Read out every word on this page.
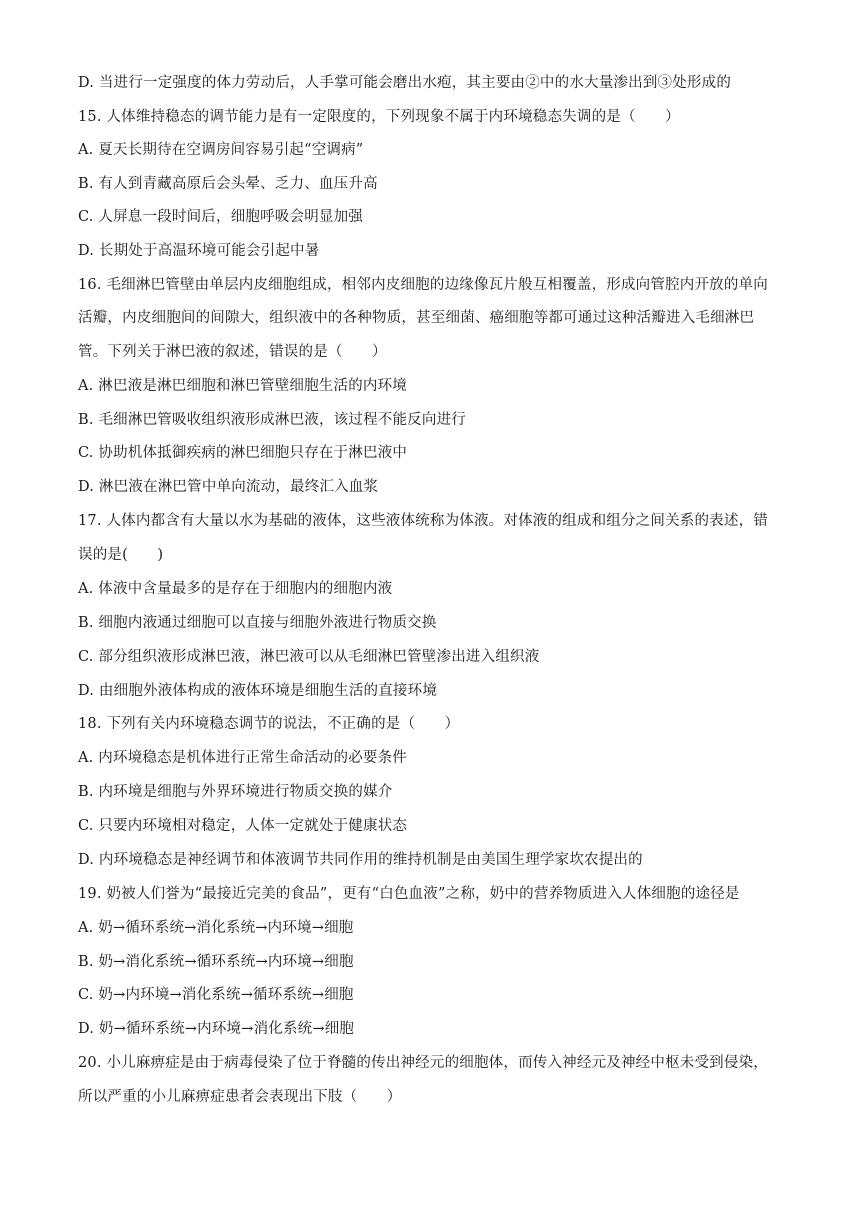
D. 当进行一定强度的体力劳动后，人手掌可能会磨出水疱，其主要由②中的水大量渗出到③处形成的
15. 人体维持稳态的调节能力是有一定限度的，下列现象不属于内环境稳态失调的是（　　）
A. 夏天长期待在空调房间容易引起“空调病”
B. 有人到青藏高原后会头晕、乏力、血压升高
C. 人屏息一段时间后，细胞呼吸会明显加强
D. 长期处于高温环境可能会引起中暑
16. 毛细淋巴管壁由单层内皮细胞组成，相邻内皮细胞的边缘像瓦片般互相覆盖，形成向管腔内开放的单向
活瓣，内皮细胞间的间隙大，组织液中的各种物质，甚至细菌、癌细胞等都可通过这种活瓣进入毛细淋巴
管。下列关于淋巴液的叙述，错误的是（　　）
A. 淋巴液是淋巴细胞和淋巴管壁细胞生活的内环境
B. 毛细淋巴管吸收组织液形成淋巴液，该过程不能反向进行
C. 协助机体抵御疾病的淋巴细胞只存在于淋巴液中
D. 淋巴液在淋巴管中单向流动，最终汇入血浆
17. 人体内都含有大量以水为基础的液体，这些液体统称为体液。对体液的组成和组分之间关系的表述，错
误的是(　　)
A. 体液中含量最多的是存在于细胞内的细胞内液
B. 细胞内液通过细胞可以直接与细胞外液进行物质交换
C. 部分组织液形成淋巴液，淋巴液可以从毛细淋巴管壁渗出进入组织液
D. 由细胞外液体构成的液体环境是细胞生活的直接环境
18. 下列有关内环境稳态调节的说法，不正确的是（　　）
A. 内环境稳态是机体进行正常生命活动的必要条件
B. 内环境是细胞与外界环境进行物质交换的媒介
C. 只要内环境相对稳定，人体一定就处于健康状态
D. 内环境稳态是神经调节和体液调节共同作用的维持机制是由美国生理学家坎农提出的
19. 奶被人们誉为“最接近完美的食品”，更有“白色血液”之称，奶中的营养物质进入人体细胞的途径是
A. 奶→循环系统→消化系统→内环境→细胞
B. 奶→消化系统→循环系统→内环境→细胞
C. 奶→内环境→消化系统→循环系统→细胞
D. 奶→循环系统→内环境→消化系统→细胞
20. 小儿麻痹症是由于病毒侵染了位于脊髓的传出神经元的细胞体，而传入神经元及神经中枢未受到侵染，
所以严重的小儿麻痹症患者会表现出下肢（　　）
